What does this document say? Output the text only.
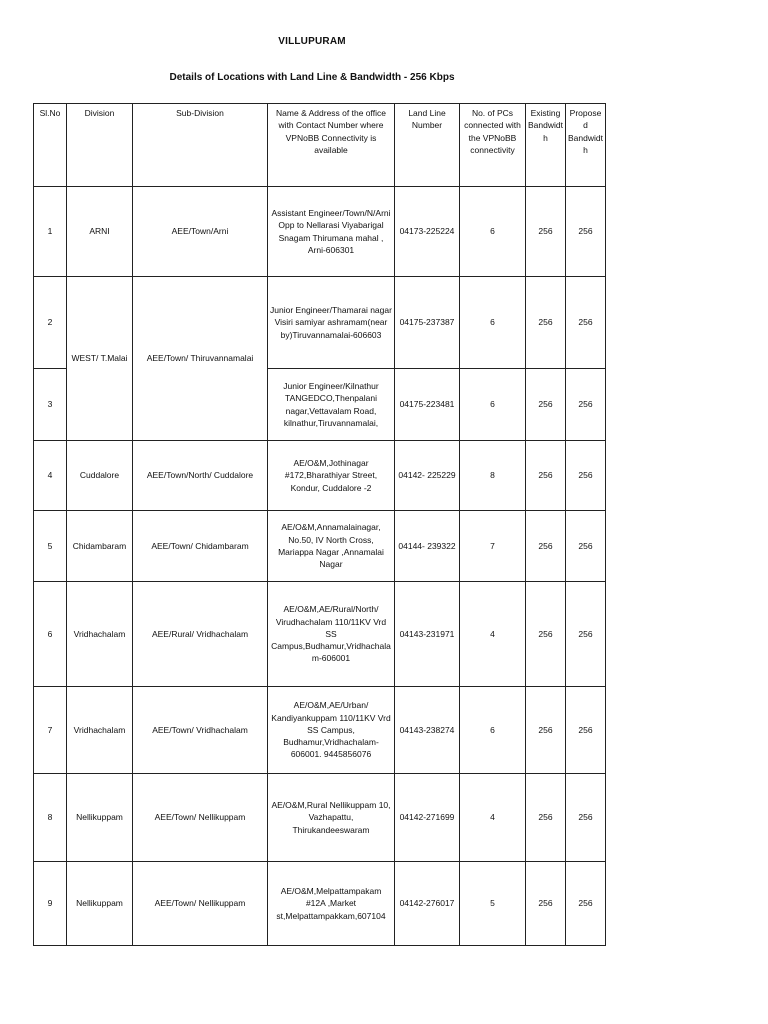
VILLUPURAM
Details of Locations with Land Line & Bandwidth - 256 Kbps
Sl.No	Division	Sub-Division	Name & Address of the office with Contact Number where VPNoBB Connectivity is available	Land Line Number	No. of PCs connected with the VPNoBB connectivity	Existing Bandwidth	Proposed Bandwidth
1	ARNI	AEE/Town/Arni	Assistant Engineer/Town/N/Arni Opp to Nellarasi Viyabarigal Snagam Thirumana mahal , Arni-606301	04173-225224	6	256	256
2	WEST/ T.Malai	AEE/Town/ Thiruvannamalai	Junior Engineer/Thamarai nagar Visiri samiyar ashramam(near by)Tiruvannamalai-606603	04175-237387	6	256	256
3			Junior Engineer/Kilnathur TANGEDCO,Thenpalani nagar,Vettavalam Road, kilnathur,Tiruvannamalai,	04175-223481	6	256	256
4	Cuddalore	AEE/Town/North/ Cuddalore	AE/O&M,Jothinagar #172,Bharathiyar Street, Kondur, Cuddalore -2	04142- 225229	8	256	256
5	Chidambaram	AEE/Town/ Chidambaram	AE/O&M,Annamalainagar, No.50, IV North Cross, Mariappa Nagar ,Annamalai Nagar	04144- 239322	7	256	256
6	Vridhachalam	AEE/Rural/ Vridhachalam	AE/O&M,AE/Rural/North/ Virudhachalam 110/11KV Vrd SS Campus,Budhamur,Vridhachalam-606001	04143-231971	4	256	256
7	Vridhachalam	AEE/Town/ Vridhachalam	AE/O&M,AE/Urban/ Kandiyankuppam 110/11KV Vrd SS Campus, Budhamur,Vridhachalam-606001. 9445856076	04143-238274	6	256	256
8	Nellikuppam	AEE/Town/ Nellikuppam	AE/O&M,Rural Nellikuppam 10, Vazhapattu, Thirukandeeswaram	04142-271699	4	256	256
9	Nellikuppam	AEE/Town/ Nellikuppam	AE/O&M,Melpattampakam #12A ,Market st,Melpattampakkam,607104	04142-276017	5	256	256
